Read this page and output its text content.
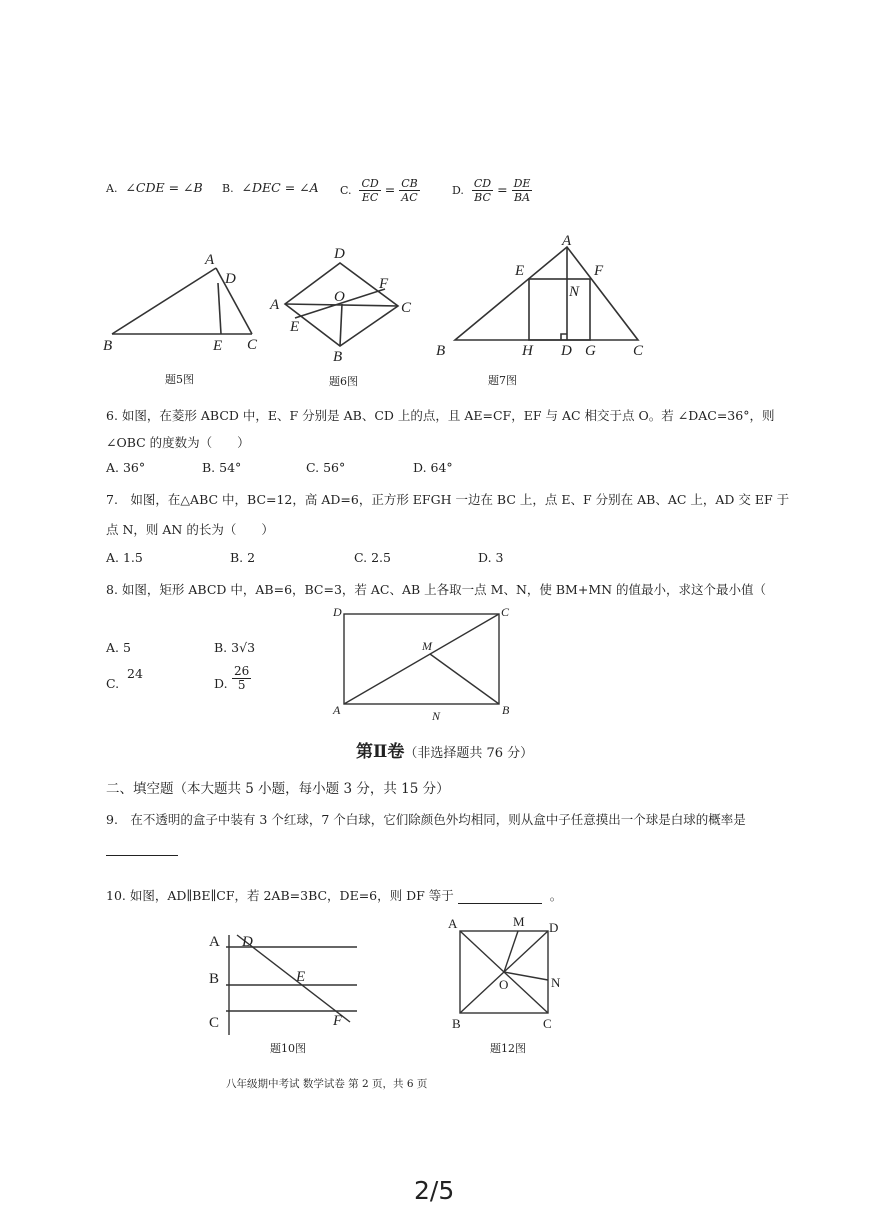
A. ∠CDE = ∠B B. ∠DEC = ∠A C. $\frac{CD}{EC} = \frac{CB}{AC}$	D. $\frac{CD}{BC} = \frac{DE}{BA}$
A
D
B	E C
题5图
D
F
A	O
C
E
B
题6图
A
E	F
N
B	H D G C
题7图
6. 如图，在菱形 ABCD 中，E、F 分别是 AB、CD 上的点，且 AE=CF，EF 与 AC 相交于点 O。若 ∠DAC=36°，则
∠OBC 的度数为（　　）
A. 36°	B. 54°	C. 56°	D. 64°
7.　如图，在△ABC 中，BC=12，高 AD=6，正方形 EFGH 一边在 BC 上，点 E、F 分别在 AB、AC 上，AD 交 EF 于
点 N，则 AN 的长为（　　）
A. 1.5	B. 2	C. 2.5	D. 3
8. 如图，矩形 ABCD 中，AB=6，BC=3，若 AC、AB 上各取一点 M、N，使 BM+MN 的值最小，求这个最小值（
A. 5	B. 3√3
C.
24
D. $\frac{26}{5}$
D	C
M
A	N	B
第Ⅱ卷（非选择题共 76 分）
二、填空题（本大题共 5 小题，每小题 3 分，共 15 分）
9.　在不透明的盒子中装有 3 个红球，7 个白球，它们除颜色外均相同，则从盒中子任意摸出一个球是白球的概率是
10. 如图，AD∥BE∥CF，若 2AB=3BC，DE=6，则 DF 等于	。
A D
B	E
C	F
题10图
A	M D
N
O
B	C
题12图
八年级期中考试 数学试卷 第 2 页，共 6 页
2/5
